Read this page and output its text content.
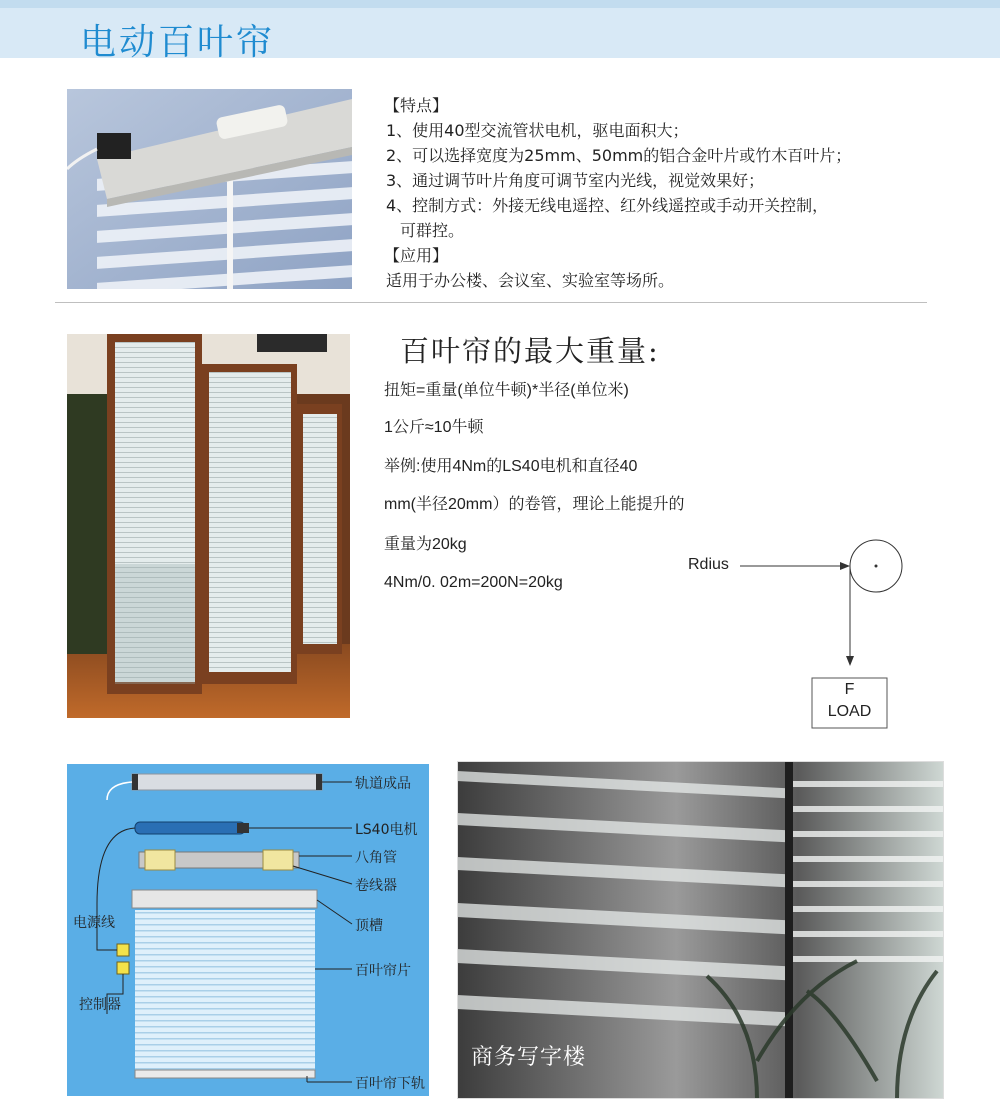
电动百叶帘
【特点】
1、使用40型交流管状电机，驱电面积大；
2、可以选择宽度为25mm、50mm的铝合金叶片或竹木百叶片；
3、通过调节叶片角度可调节室内光线，视觉效果好；
4、控制方式：外接无线电遥控、红外线遥控或手动开关控制，
可群控。
【应用】
适用于办公楼、会议室、实验室等场所。
百叶帘的最大重量:
扭矩=重量(单位牛顿)*半径(单位米)
1公斤≈10牛顿
举例:使用4Nm的LS40电机和直径40
mm(半径20mm）的卷管，理论上能提升的
重量为20kg
4Nm/0. 02m=200N=20kg
Rdius
F
LOAD
轨道成品
LS40电机
八角管
卷线器
顶槽
百叶帘片
百叶帘下轨
电源线
控制器
商务写字楼
